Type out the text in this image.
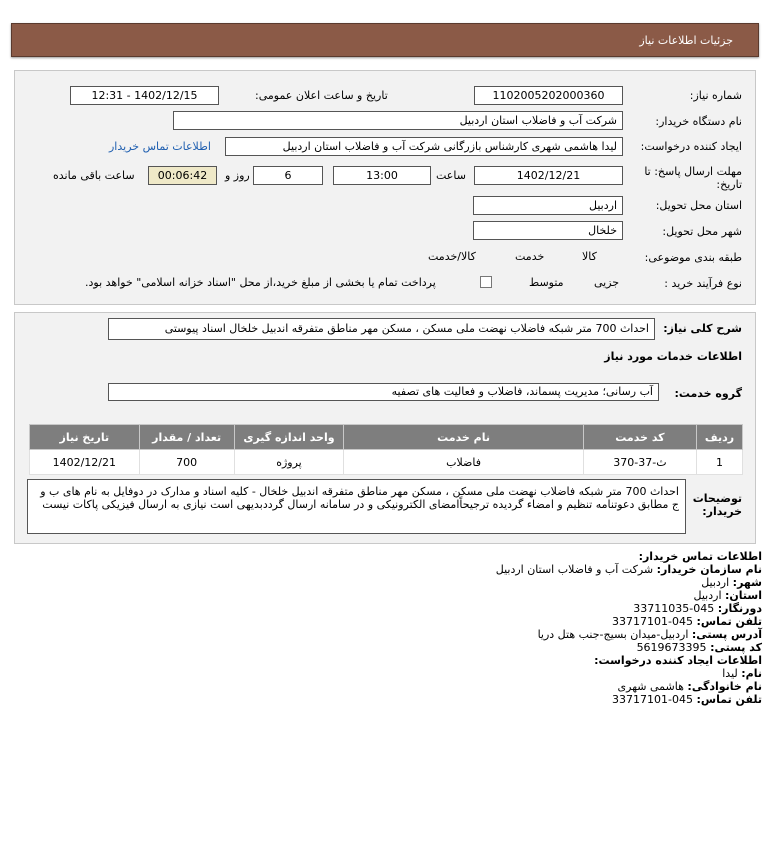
جزئیات اطلاعات نیاز
شماره نیاز:
1102005202000360
تاریخ و ساعت اعلان عمومی:
1402/12/15 - 12:31
نام دستگاه خریدار:
شرکت آب و فاضلاب استان اردبیل
ایجاد کننده درخواست:
لیدا هاشمی شهری کارشناس بازرگانی شرکت آب و فاضلاب استان اردبیل
اطلاعات تماس خریدار
مهلت ارسال پاسخ: تا تاریخ:
1402/12/21
ساعت
13:00
6
روز و
00:06:42
ساعت باقی مانده
استان محل تحویل:
اردبیل
شهر محل تحویل:
خلخال
طبقه بندی موضوعی:

کالا

خدمت

کالا/خدمت
نوع فرآیند خرید :

جزیی
متوسط
پرداخت تمام یا بخشی از مبلغ خرید،از محل "اسناد خزانه اسلامی" خواهد بود.
شرح کلی نیاز:
احداث 700 متر شبکه فاضلاب نهضت ملی مسکن ، مسکن مهر مناطق متفرقه اندبیل خلخال اسناد پیوستی
اطلاعات خدمات مورد نیاز
گروه خدمت:
آب رسانی؛ مدیریت پسماند، فاضلاب و فعالیت های تصفیه
ردیف	کد خدمت	نام خدمت	واحد اندازه گیری	تعداد / مقدار	تاریخ نیاز
1	ث-37-370	فاضلاب	پروژه	700	1402/12/21
توضیحات خریدار:
احداث 700 متر شبکه فاضلاب نهضت ملی مسکن ، مسکن مهر مناطق متفرقه اندبیل خلخال - کلیه اسناد و مدارک در دوفایل به نام های ب و ج مطابق دعوتنامه تنظیم و امضاء گردیده ترجیحاًامضای الکترونیکی و در سامانه ارسال گرددبدیهی است نیازی به ارسال فیزیکی پاکات نیست
اطلاعات تماس خریدار:
نام سازمان خریدار: شرکت آب و فاضلاب استان اردبیل
شهر: اردبیل
استان: اردبیل
دورنگار: 045-33711035
تلفن تماس: 045-33717101
آدرس پستی: اردبیل-میدان بسیج-جنب هتل دریا
کد پستی: 5619673395
اطلاعات ایجاد کننده درخواست:
نام: لیدا
نام خانوادگی: هاشمی شهری
تلفن تماس: 045-33717101
